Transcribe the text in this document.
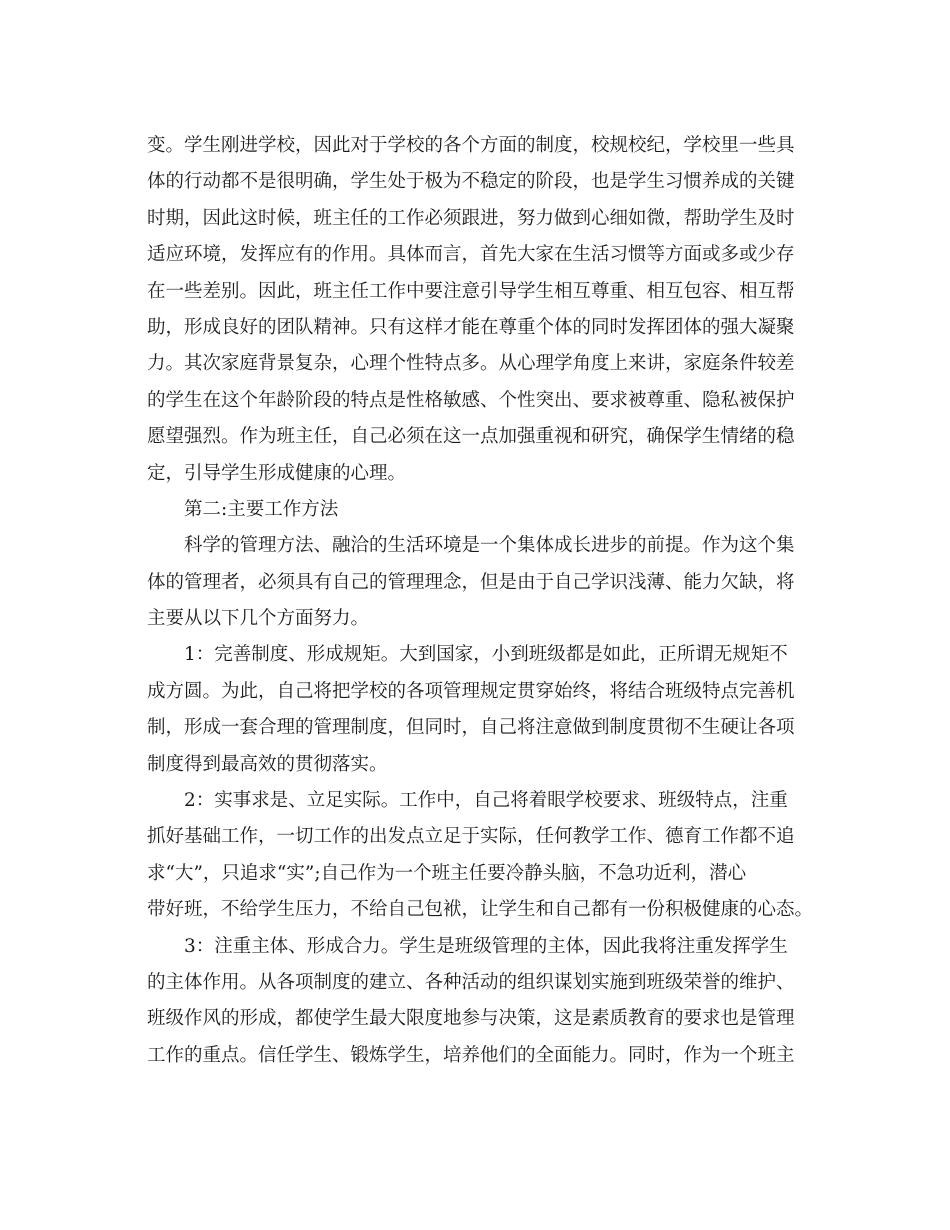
变。学生刚进学校，因此对于学校的各个方面的制度，校规校纪，学校里一些具
体的行动都不是很明确，学生处于极为不稳定的阶段，也是学生习惯养成的关键
时期，因此这时候，班主任的工作必须跟进，努力做到心细如微，帮助学生及时
适应环境，发挥应有的作用。具体而言，首先大家在生活习惯等方面或多或少存
在一些差别。因此，班主任工作中要注意引导学生相互尊重、相互包容、相互帮
助，形成良好的团队精神。只有这样才能在尊重个体的同时发挥团体的强大凝聚
力。其次家庭背景复杂，心理个性特点多。从心理学角度上来讲，家庭条件较差
的学生在这个年龄阶段的特点是性格敏感、个性突出、要求被尊重、隐私被保护
愿望强烈。作为班主任，自己必须在这一点加强重视和研究，确保学生情绪的稳
定，引导学生形成健康的心理。
第二:主要工作方法
科学的管理方法、融洽的生活环境是一个集体成长进步的前提。作为这个集
体的管理者，必须具有自己的管理理念，但是由于自己学识浅薄、能力欠缺，将
主要从以下几个方面努力。
1：完善制度、形成规矩。大到国家，小到班级都是如此，正所谓无规矩不
成方圆。为此，自己将把学校的各项管理规定贯穿始终，将结合班级特点完善机
制，形成一套合理的管理制度，但同时，自己将注意做到制度贯彻不生硬让各项
制度得到最高效的贯彻落实。
2：实事求是、立足实际。工作中，自己将着眼学校要求、班级特点，注重
抓好基础工作，一切工作的出发点立足于实际，任何教学工作、德育工作都不追
求“大”，只追求“实”;自己作为一个班主任要冷静头脑，不急功近利，潜心
带好班，不给学生压力，不给自己包袱，让学生和自己都有一份积极健康的心态。
3：注重主体、形成合力。学生是班级管理的主体，因此我将注重发挥学生
的主体作用。从各项制度的建立、各种活动的组织谋划实施到班级荣誉的维护、
班级作风的形成，都使学生最大限度地参与决策，这是素质教育的要求也是管理
工作的重点。信任学生、锻炼学生，培养他们的全面能力。同时，作为一个班主
